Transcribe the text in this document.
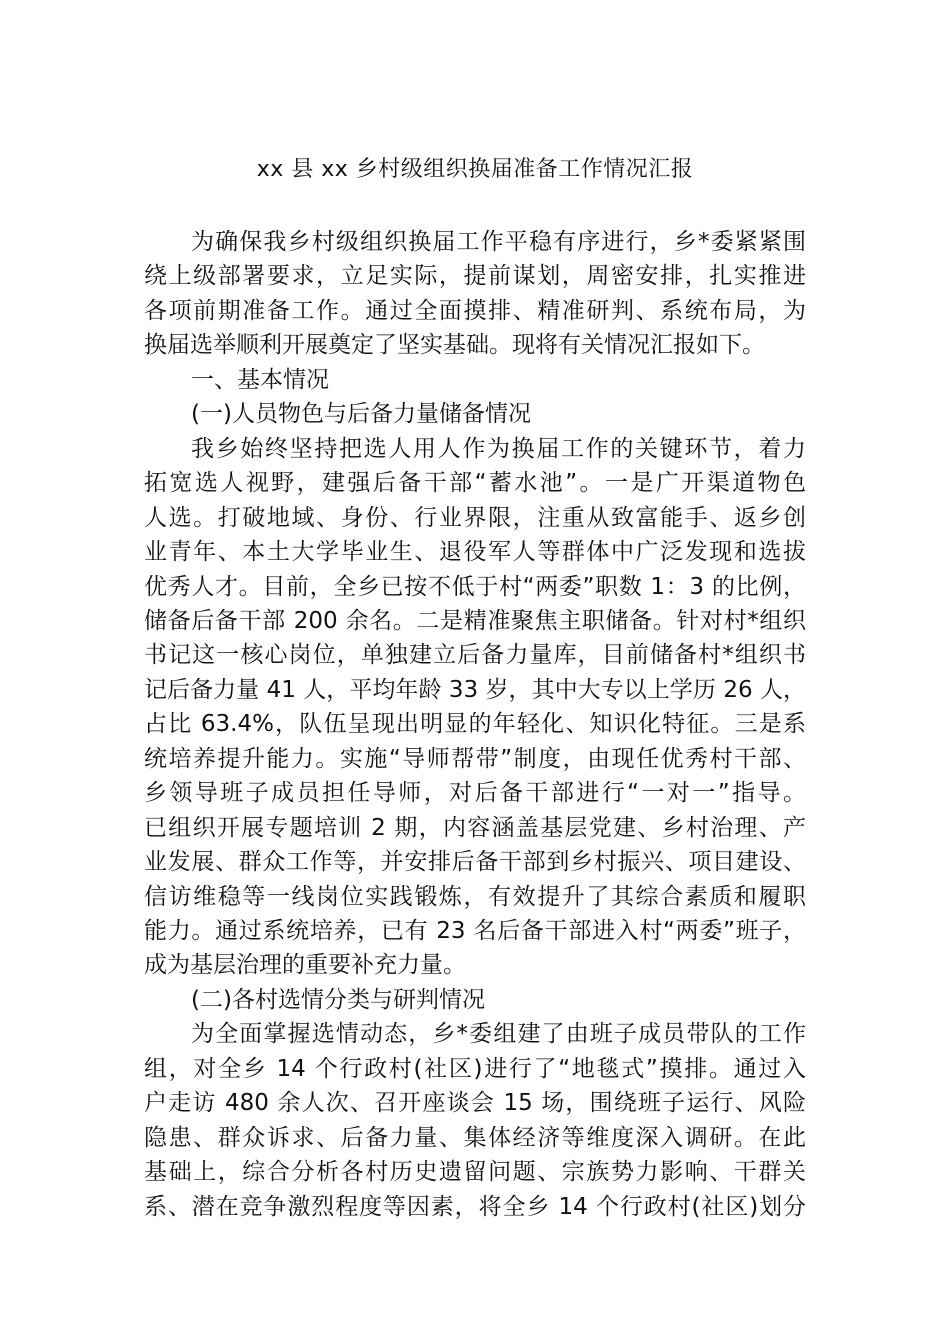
xx 县 xx 乡村级组织换届准备工作情况汇报
为确保我乡村级组织换届工作平稳有序进行，乡*委紧紧围
绕上级部署要求，立足实际，提前谋划，周密安排，扎实推进
各项前期准备工作。通过全面摸排、精准研判、系统布局，为
换届选举顺利开展奠定了坚实基础。现将有关情况汇报如下。
一、基本情况
(一)人员物色与后备力量储备情况
我乡始终坚持把选人用人作为换届工作的关键环节，着力
拓宽选人视野，建强后备干部“蓄水池”。一是广开渠道物色
人选。打破地域、身份、行业界限，注重从致富能手、返乡创
业青年、本土大学毕业生、退役军人等群体中广泛发现和选拔
优秀人才。目前，全乡已按不低于村“两委”职数 1：3 的比例，
储备后备干部 200 余名。二是精准聚焦主职储备。针对村*组织
书记这一核心岗位，单独建立后备力量库，目前储备村*组织书
记后备力量 41 人，平均年龄 33 岁，其中大专以上学历 26 人，
占比 63.4%，队伍呈现出明显的年轻化、知识化特征。三是系
统培养提升能力。实施“导师帮带”制度，由现任优秀村干部、
乡领导班子成员担任导师，对后备干部进行“一对一”指导。
已组织开展专题培训 2 期，内容涵盖基层党建、乡村治理、产
业发展、群众工作等，并安排后备干部到乡村振兴、项目建设、
信访维稳等一线岗位实践锻炼，有效提升了其综合素质和履职
能力。通过系统培养，已有 23 名后备干部进入村“两委”班子，
成为基层治理的重要补充力量。
(二)各村选情分类与研判情况
为全面掌握选情动态，乡*委组建了由班子成员带队的工作
组，对全乡 14 个行政村(社区)进行了“地毯式”摸排。通过入
户走访 480 余人次、召开座谈会 15 场，围绕班子运行、风险
隐患、群众诉求、后备力量、集体经济等维度深入调研。在此
基础上，综合分析各村历史遗留问题、宗族势力影响、干群关
系、潜在竞争激烈程度等因素，将全乡 14 个行政村(社区)划分
